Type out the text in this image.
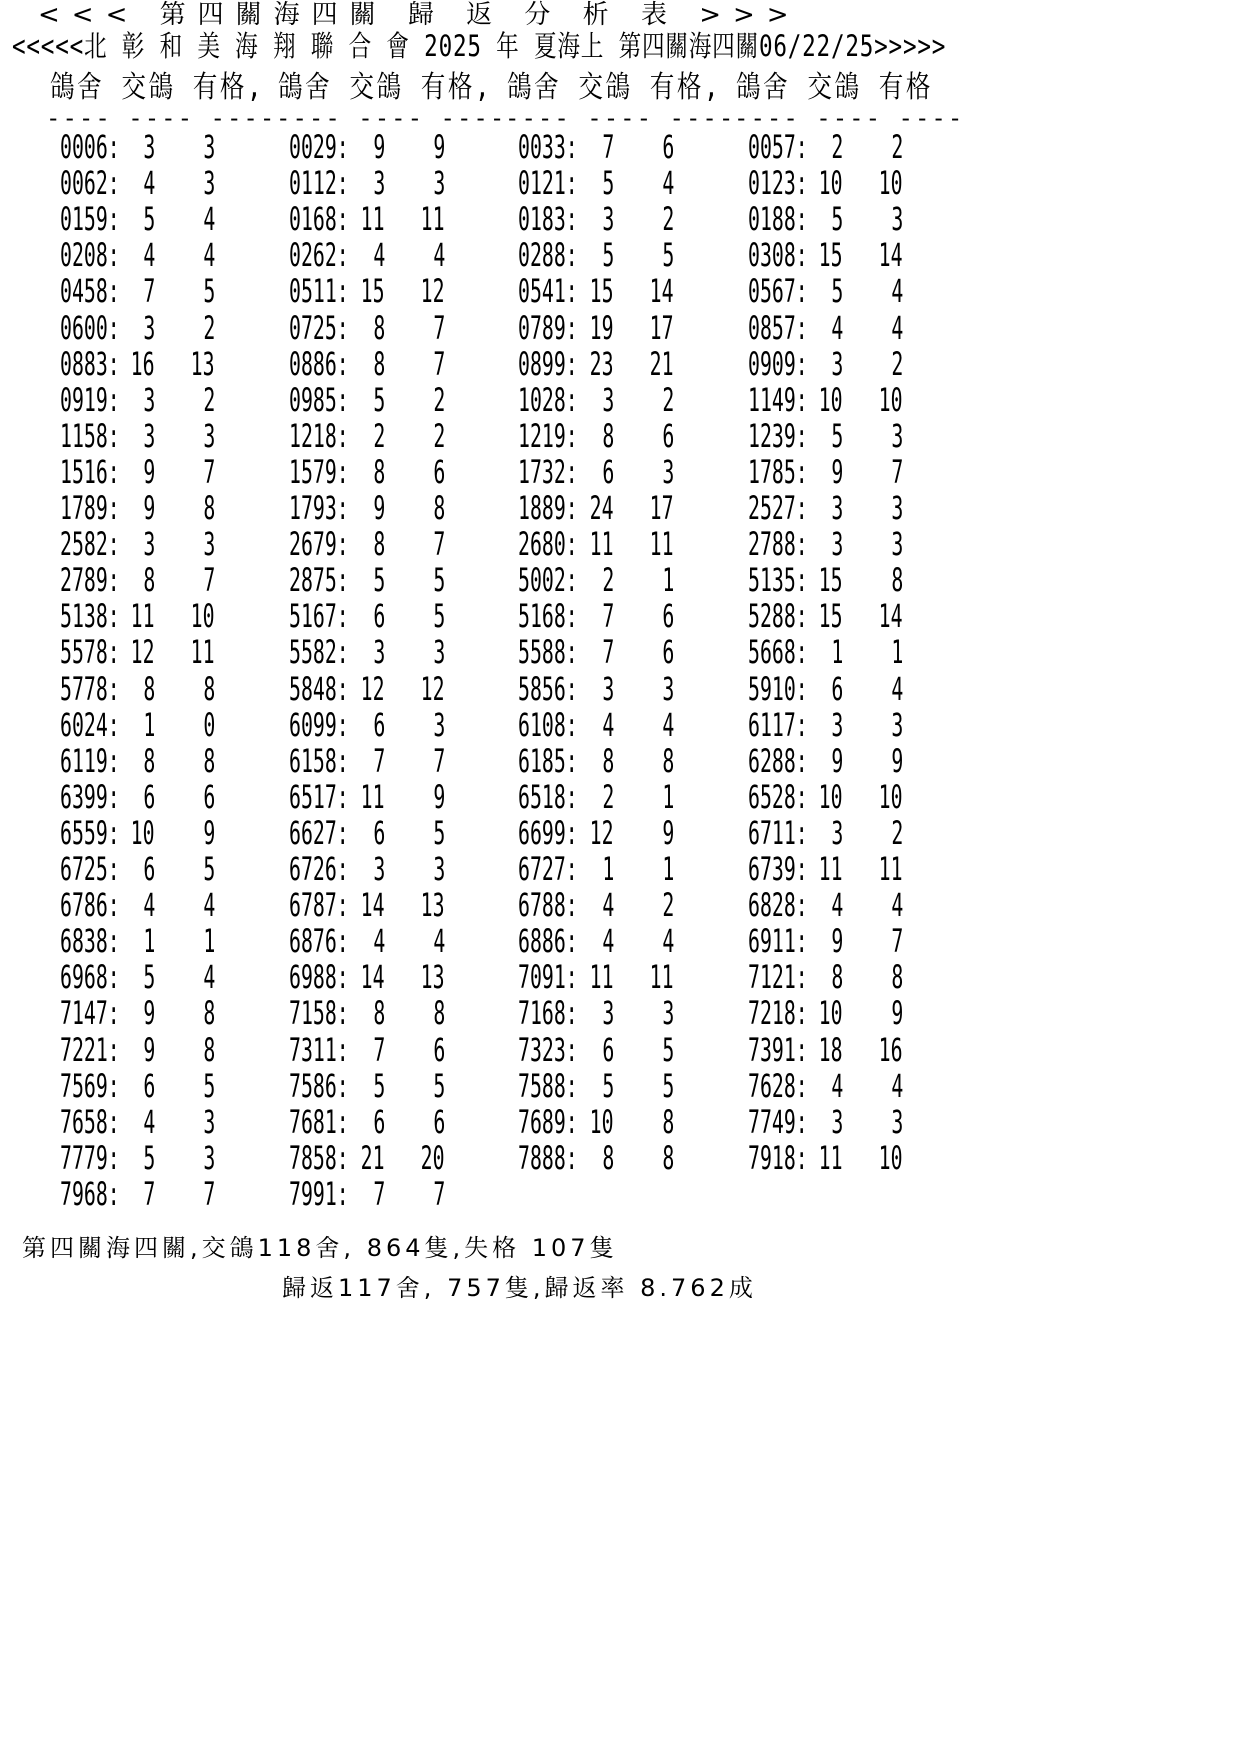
<<< 第四關海四關 歸 返 分 析 表 >>>
<<<<<北 彰 和 美 海 翔 聯 合 會 2025 年 夏海上 第四關海四關06/22/25>>>>>
鴿舍 交鴿 有格, 鴿舍 交鴿 有格, 鴿舍 交鴿 有格, 鴿舍 交鴿 有格
---- ---- ---- ---- ---- ----
---- ---- ----
---- ---- ----
0006: 3 3 0029: 9 9 0033: 7 6 0057: 2 2
0062: 4 3 0112: 3 3 0121: 5 4 0123: 10 10
0159: 5 4 0168: 11 11 0183: 3 2 0188: 5 3
0208: 4 4 0262: 4 4 0288: 5 5 0308: 15 14
0458: 7 5 0511: 15 12 0541: 15 14 0567: 5 4
0600: 3 2 0725: 8 7 0789: 19 17 0857: 4 4
0883: 16 13 0886: 8 7 0899: 23 21 0909: 3 2
0919: 3 2 0985: 5 2 1028: 3 2 1149: 10 10
1158: 3 3 1218: 2 2 1219: 8 6 1239: 5 3
1516: 9 7 1579: 8 6 1732: 6 3 1785: 9 7
1789: 9 8 1793: 9 8 1889: 24 17 2527: 3 3
2582: 3 3 2679: 8 7 2680: 11 11 2788: 3 3
2789: 8 7 2875: 5 5 5002: 2 1 5135: 15 8
5138: 11 10 5167: 6 5 5168: 7 6 5288: 15 14
5578: 12 11 5582: 3 3 5588: 7 6 5668: 1 1
5778: 8 8 5848: 12 12 5856: 3 3 5910: 6 4
6024: 1 0 6099: 6 3 6108: 4 4 6117: 3 3
6119: 8 8 6158: 7 7 6185: 8 8 6288: 9 9
6399: 6 6 6517: 11 9 6518: 2 1 6528: 10 10
6559: 10 9 6627: 6 5 6699: 12 9 6711: 3 2
6725: 6 5 6726: 3 3 6727: 1 1 6739: 11 11
6786: 4 4 6787: 14 13 6788: 4 2 6828: 4 4
6838: 1 1 6876: 4 4 6886: 4 4 6911: 9 7
6968: 5 4 6988: 14 13 7091: 11 11 7121: 8 8
7147: 9 8 7158: 8 8 7168: 3 3 7218: 10 9
7221: 9 8 7311: 7 6 7323: 6 5 7391: 18 16
7569: 6 5 7586: 5 5 7588: 5 5 7628: 4 4
7658: 4 3 7681: 6 6 7689: 10 8 7749: 3 3
7779: 5 3 7858: 21 20 7888: 8 8 7918: 11 10
7968: 7 7 7991: 7 7
第四關海四關,交鴿118舍, 864隻,失格 107隻
歸返117舍, 757隻,歸返率 8.762成
